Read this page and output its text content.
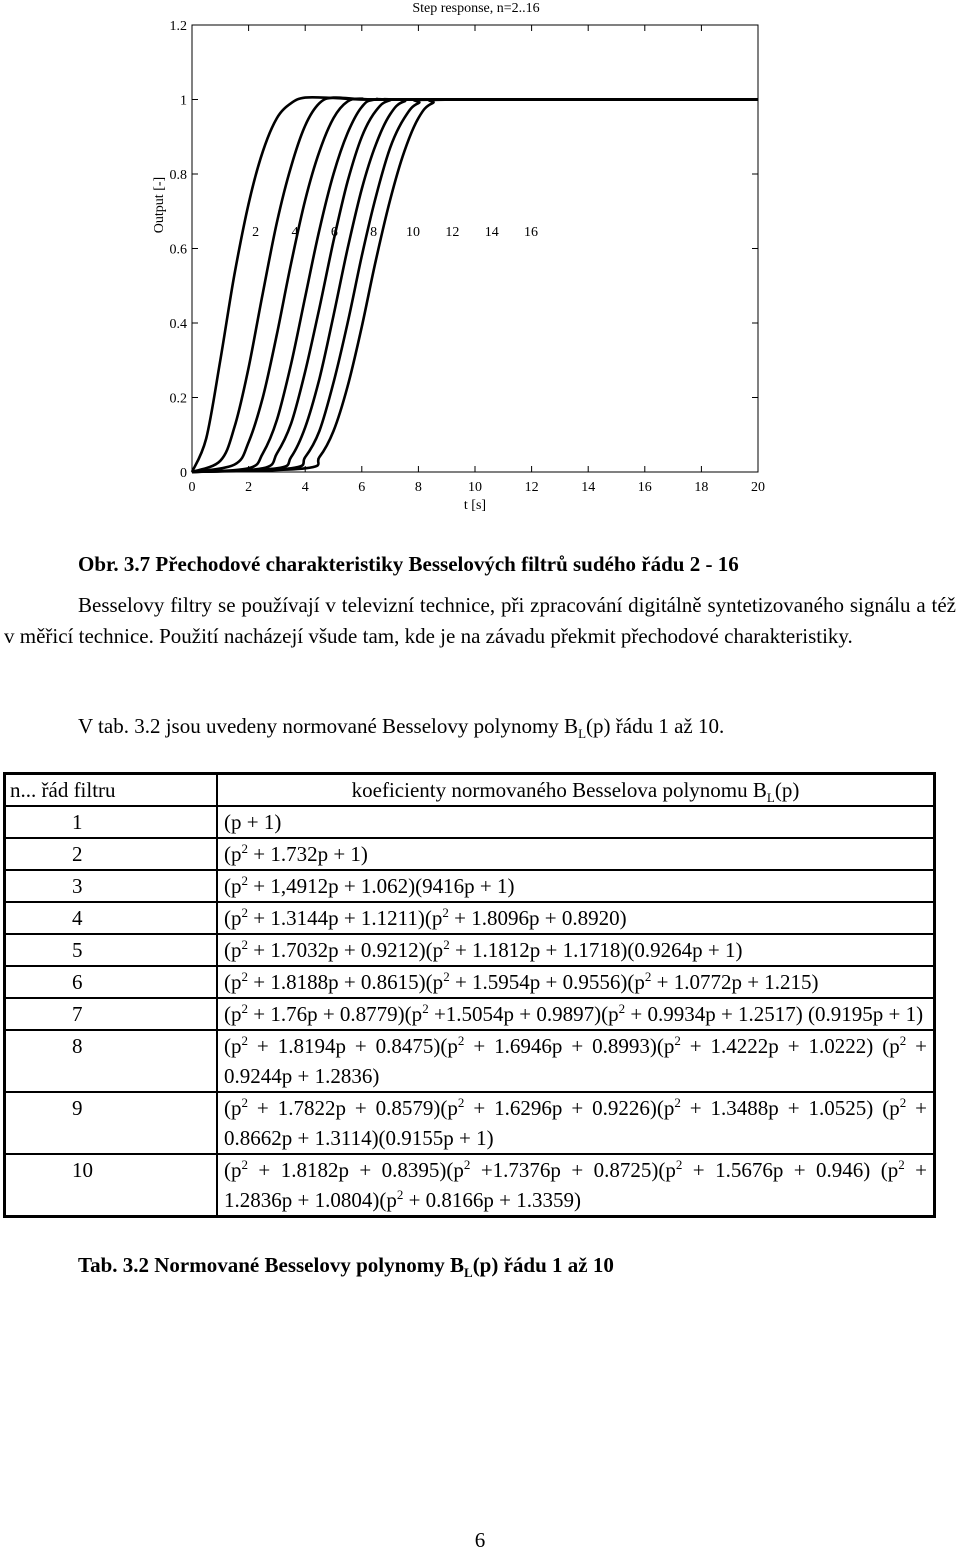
0	2	4	6	8	10	12	14	16	18	20
0
0.2
0.4
0.6
0.8
1
1.2
Step response, n=2..16
t [s]
Output [-]	2 4 6 8 10 12 14 16
Obr. 3.7 Přechodové charakteristiky Besselových filtrů sudého řádu 2 - 16
Besselovy filtry se používají v televizní technice, při zpracování digitálně syntetizovaného signálu a též v měřicí technice. Použití nacházejí všude tam, kde je na závadu překmit přechodové charakteristiky.
V tab. 3.2 jsou uvedeny normované Besselovy polynomy $B_L(p)$ řádu 1 až 10.
n... řád filtru	koeficienty normovaného Besselova polynomu $B_L(p)$
1	(p + 1)
2	$(p^2 + 1.732p + 1)$
3	$(p^2 + 1,4912p + 1.062)(9416p + 1)$
4	$(p^2 + 1.3144p + 1.1211)(p^2 + 1.8096p + 0.8920)$
5	$(p^2 + 1.7032p + 0.9212)(p^2 + 1.1812p + 1.1718)(0.9264p + 1)$
6	$(p^2 + 1.8188p + 0.8615)(p^2 + 1.5954p + 0.9556)(p^2 + 1.0772p + 1.215)$
7	$(p^2 + 1.76p + 0.8779)(p^2 +1.5054p + 0.9897)(p^2 + 0.9934p + 1.2517) (0.9195p + 1)$
8	$(p^2 + 1.8194p + 0.8475)(p^2 + 1.6946p + 0.8993)(p^2 + 1.4222p + 1.0222) (p^2 + 0.9244p + 1.2836)$
9	$(p^2 + 1.7822p + 0.8579)(p^2 + 1.6296p + 0.9226)(p^2 + 1.3488p + 1.0525) (p^2 + 0.8662p + 1.3114)(0.9155p + 1)$
10	$(p^2 + 1.8182p + 0.8395)(p^2 +1.7376p + 0.8725)(p^2 + 1.5676p + 0.946) (p^2 + 1.2836p + 1.0804)(p^2 + 0.8166p + 1.3359)$
Tab. 3.2 Normované Besselovy polynomy $B_L(p)$ řádu 1 až 10
6
